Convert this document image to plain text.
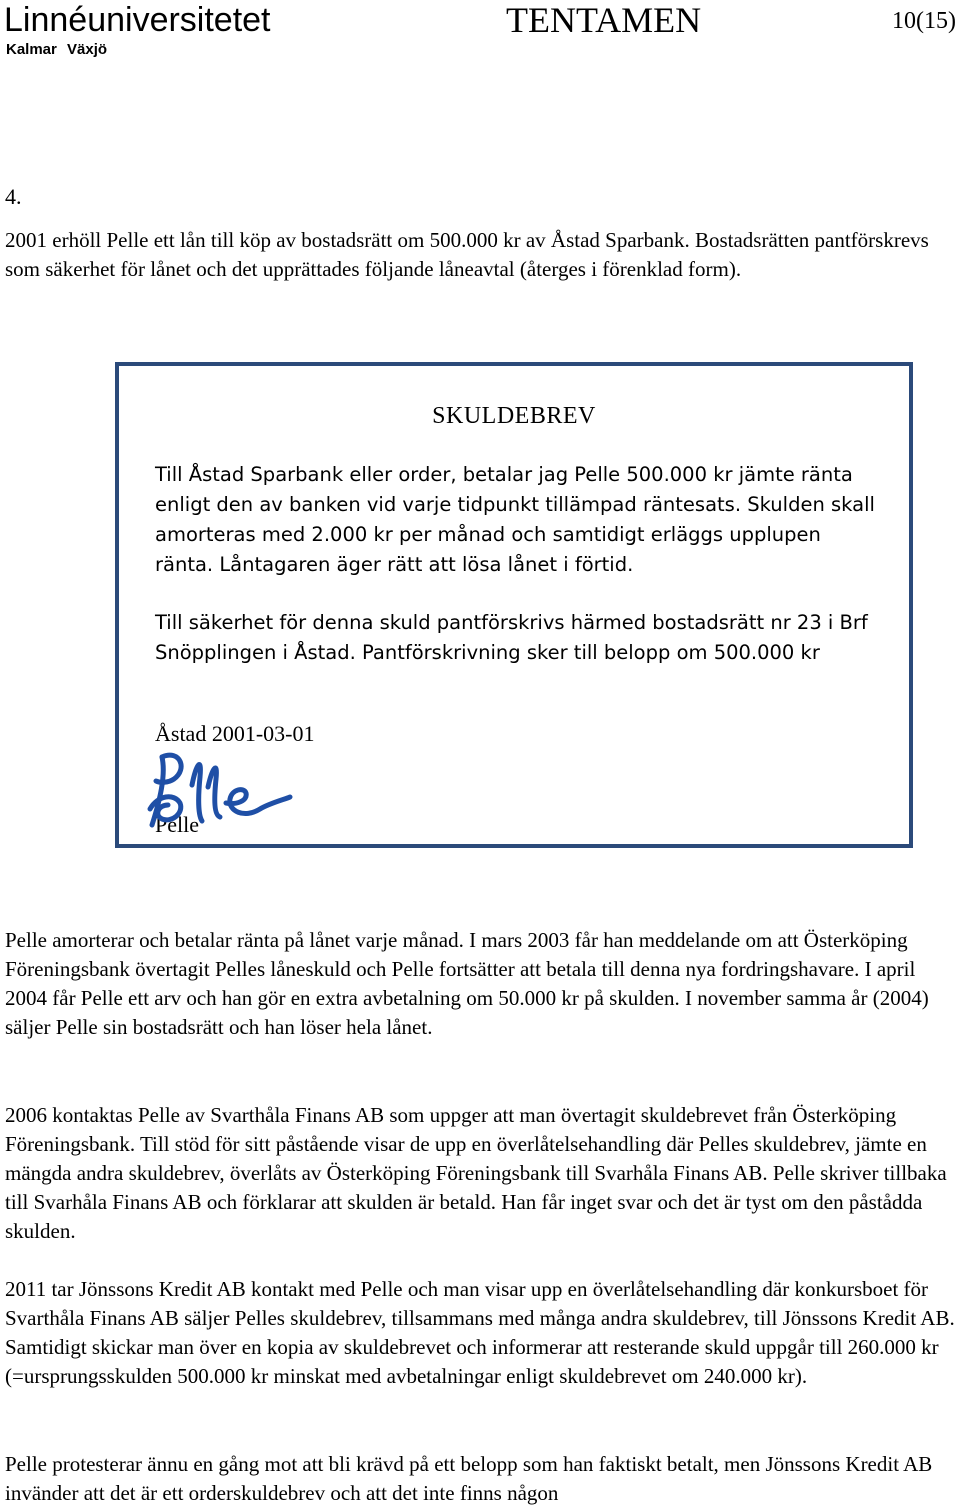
Linnéuniversitetet
Kalmar Växjö
TENTAMEN	10(15)
4.

2001 erhöll Pelle ett lån till köp av bostadsrätt om 500.000 kr av Åstad Sparbank. Bostadsrätten pantförskrevs som säkerhet för lånet och det upprättades följande låneavtal (återges i förenklad form).

SKULDEBREV

Till Åstad Sparbank eller order, betalar jag Pelle 500.000 kr jämte ränta enligt den av banken vid varje tidpunkt tillämpad räntesats. Skulden skall amorteras med 2.000 kr per månad och samtidigt erläggs upplupen ränta. Låntagaren äger rätt att lösa lånet i förtid.

Till säkerhet för denna skuld pantförskrivs härmed bostadsrätt nr 23 i Brf Snöpplingen i Åstad. Pantförskrivning sker till belopp om 500.000 kr

Åstad 2001-03-01
Pelle

Pelle amorterar och betalar ränta på lånet varje månad. I mars 2003 får han meddelande om att Österköping Föreningsbank övertagit Pelles låneskuld och Pelle fortsätter att betala till denna nya fordringshavare. I april 2004 får Pelle ett arv och han gör en extra avbetalning om 50.000 kr på skulden. I november samma år (2004) säljer Pelle sin bostadsrätt och han löser hela lånet.

2006 kontaktas Pelle av Svarthåla Finans AB som uppger att man övertagit skuldebrevet från Österköping Föreningsbank. Till stöd för sitt påstående visar de upp en överlåtelsehandling där Pelles skuldebrev, jämte en mängda andra skuldebrev, överlåts av Österköping Föreningsbank till Svarhåla Finans AB. Pelle skriver tillbaka till Svarhåla Finans AB och förklarar att skulden är betald. Han får inget svar och det är tyst om den påstådda skulden.

2011 tar Jönssons Kredit AB kontakt med Pelle och man visar upp en överlåtelsehandling där konkursboet för Svarthåla Finans AB säljer Pelles skuldebrev, tillsammans med många andra skuldebrev, till Jönssons Kredit AB. Samtidigt skickar man över en kopia av skuldebrevet och informerar att resterande skuld uppgår till 260.000 kr (=ursprungsskulden 500.000 kr minskat med avbetalningar enligt skuldebrevet om 240.000 kr).

Pelle protesterar ännu en gång mot att bli krävd på ett belopp som han faktiskt betalt, men Jönssons Kredit AB invänder att det är ett orderskuldebrev och att det inte finns någon
